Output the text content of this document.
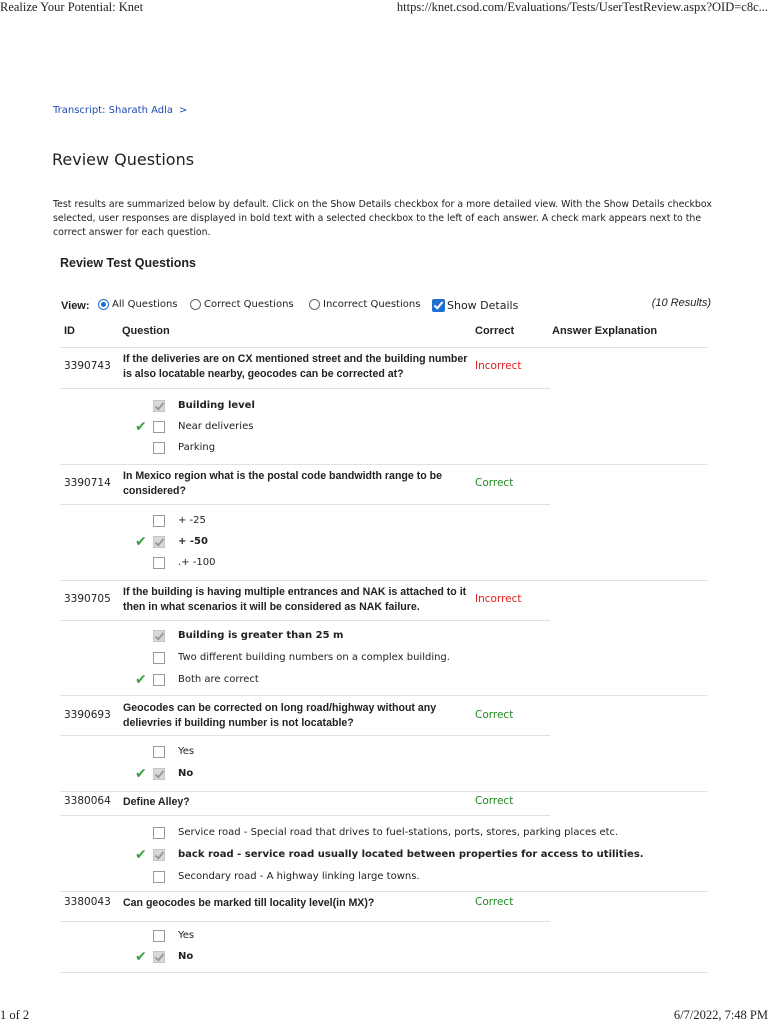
Realize Your Potential: Knet	https://knet.csod.com/Evaluations/Tests/UserTestReview.aspx?OID=c8c...
Transcript: Sharath Adla >
Review Questions
Test results are summarized below by default. Click on the Show Details checkbox for a more detailed view. With the Show Details checkbox selected, user responses are displayed in bold text with a selected checkbox to the left of each answer. A check mark appears next to the correct answer for each question.
Review Test Questions
View:	All Questions	Correct Questions	Incorrect Questions	Show Details	(10 Results)
ID	Question	Correct	Answer Explanation
3390743
If the deliveries are on CX mentioned street and the building number is also locatable nearby, geocodes can be corrected at?
Incorrect
Building level
✔	Near deliveries
Parking
3390714
In Mexico region what is the postal code bandwidth range to be considered?
Correct
+ -25
✔	+ -50
.+ -100
3390705
If the building is having multiple entrances and NAK is attached to it then in what scenarios it will be considered as NAK failure.
Incorrect
Building is greater than 25 m
Two different building numbers on a complex building.
✔	Both are correct
3390693
Geocodes can be corrected on long road/highway without any delievries if building number is not locatable?
Correct
Yes
✔	No
3380064 Define Alley?	Correct
Service road - Special road that drives to fuel-stations, ports, stores, parking places etc.
✔	back road - service road usually located between properties for access to utilities.
Secondary road - A highway linking large towns.
3380043 Can geocodes be marked till locality level(in MX)?	Correct
Yes
✔	No
1 of 2	6/7/2022, 7:48 PM
